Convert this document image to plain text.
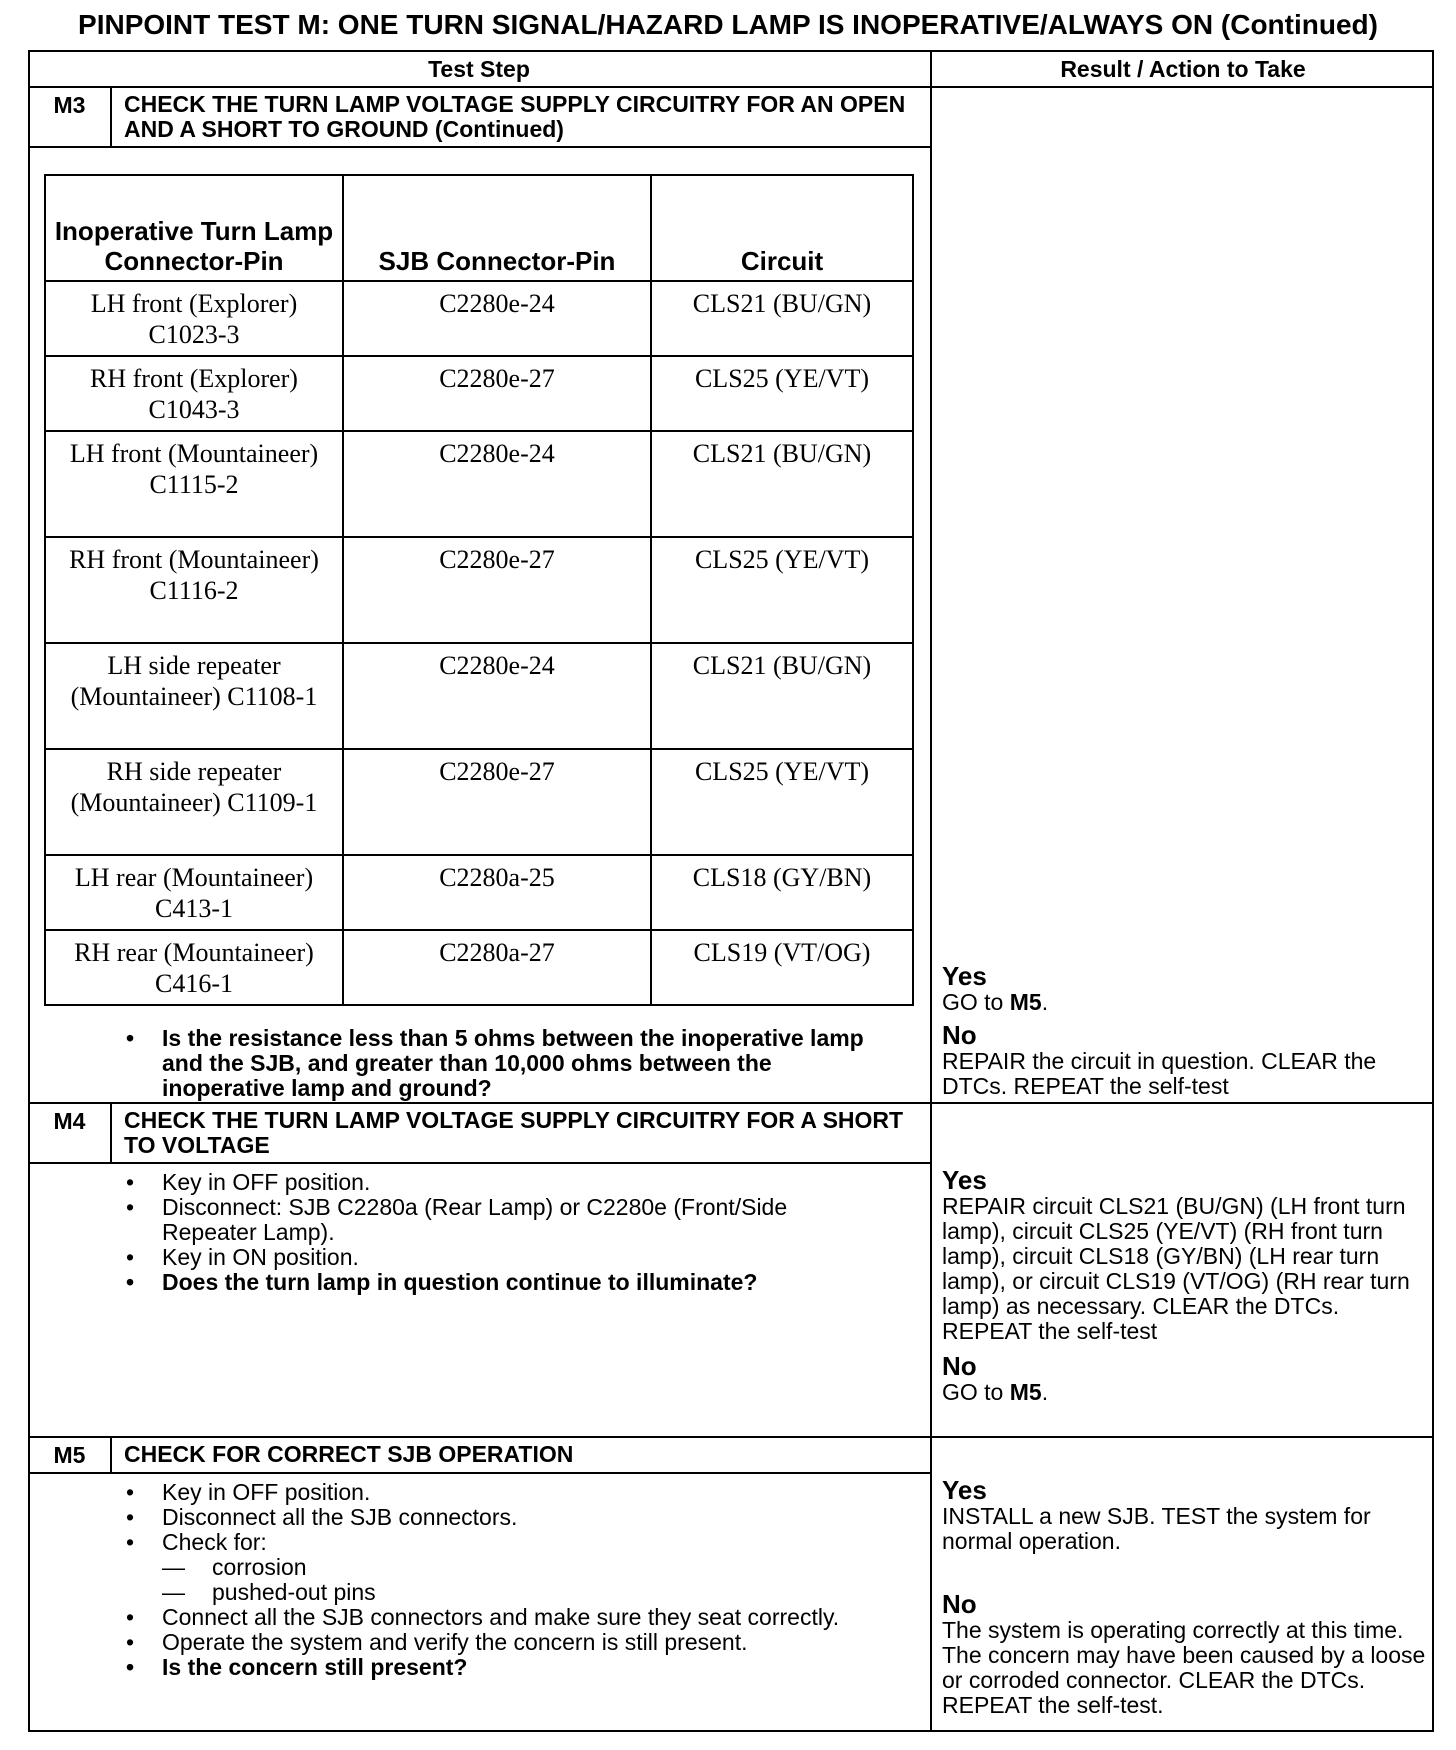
PINPOINT TEST M: ONE TURN SIGNAL/HAZARD LAMP IS INOPERATIVE/ALWAYS ON (Continued)
Test Step	Result / Action to Take
M3	CHECK THE TURN LAMP VOLTAGE SUPPLY CIRCUITRY FOR AN OPEN AND A SHORT TO GROUND (Continued)
Inoperative Turn Lamp Connector-Pin	SJB Connector-Pin	Circuit
LH front (Explorer) C1023-3	C2280e-24	CLS21 (BU/GN)
RH front (Explorer) C1043-3	C2280e-27	CLS25 (YE/VT)
LH front (Mountaineer) C1115-2	C2280e-24	CLS21 (BU/GN)
RH front (Mountaineer) C1116-2	C2280e-27	CLS25 (YE/VT)
LH side repeater (Mountaineer) C1108-1	C2280e-24	CLS21 (BU/GN)
RH side repeater (Mountaineer) C1109-1	C2280e-27	CLS25 (YE/VT)
LH rear (Mountaineer) C413-1	C2280a-25	CLS18 (GY/BN)
RH rear (Mountaineer) C416-1	C2280a-27	CLS19 (VT/OG)
• Is the resistance less than 5 ohms between the inoperative lamp and the SJB, and greater than 10,000 ohms between the inoperative lamp and ground?
Yes
GO to M5.
No
REPAIR the circuit in question. CLEAR the DTCs. REPEAT the self-test
M4	CHECK THE TURN LAMP VOLTAGE SUPPLY CIRCUITRY FOR A SHORT TO VOLTAGE
• Key in OFF position.
• Disconnect: SJB C2280a (Rear Lamp) or C2280e (Front/Side Repeater Lamp).
• Key in ON position.
• Does the turn lamp in question continue to illuminate?
Yes
REPAIR circuit CLS21 (BU/GN) (LH front turn lamp), circuit CLS25 (YE/VT) (RH front turn lamp), circuit CLS18 (GY/BN) (LH rear turn lamp), or circuit CLS19 (VT/OG) (RH rear turn lamp) as necessary. CLEAR the DTCs. REPEAT the self-test
No
GO to M5.
M5	CHECK FOR CORRECT SJB OPERATION
• Key in OFF position.
• Disconnect all the SJB connectors.
• Check for:
— corrosion
— pushed-out pins
• Connect all the SJB connectors and make sure they seat correctly.
• Operate the system and verify the concern is still present.
• Is the concern still present?
Yes
INSTALL a new SJB. TEST the system for normal operation.
No
The system is operating correctly at this time. The concern may have been caused by a loose or corroded connector. CLEAR the DTCs. REPEAT the self-test.
